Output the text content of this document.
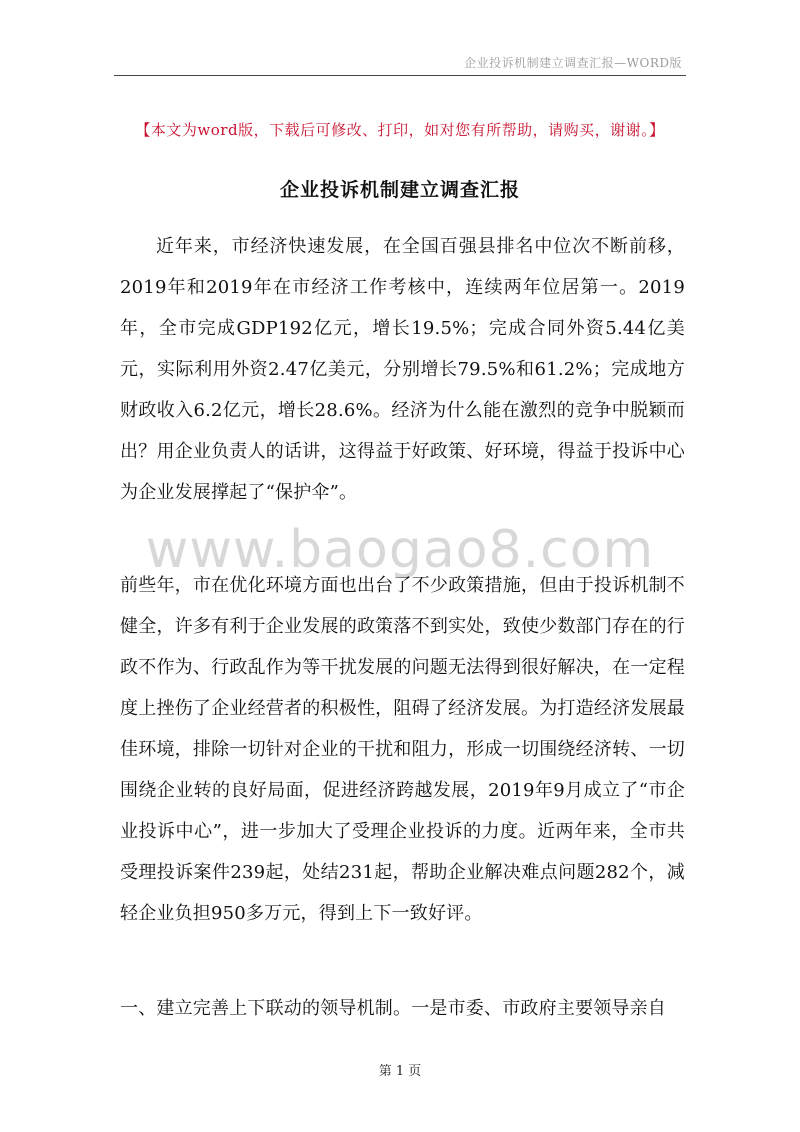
企业投诉机制建立调查汇报—WORD版
【本文为word版，下载后可修改、打印，如对您有所帮助，请购买，谢谢。】
企业投诉机制建立调查汇报
近年来，市经济快速发展，在全国百强县排名中位次不断前移，2019年和2019年在市经济工作考核中，连续两年位居第一。2019年，全市完成GDP192亿元，增长19.5%；完成合同外资5.44亿美元，实际利用外资2.47亿美元，分别增长79.5%和61.2%；完成地方财政收入6.2亿元，增长28.6%。经济为什么能在激烈的竞争中脱颖而出？用企业负责人的话讲，这得益于好政策、好环境，得益于投诉中心为企业发展撑起了“保护伞”。
www.baogao8.com
前些年，市在优化环境方面也出台了不少政策措施，但由于投诉机制不健全，许多有利于企业发展的政策落不到实处，致使少数部门存在的行政不作为、行政乱作为等干扰发展的问题无法得到很好解决，在一定程度上挫伤了企业经营者的积极性，阻碍了经济发展。为打造经济发展最佳环境，排除一切针对企业的干扰和阻力，形成一切围绕经济转、一切围绕企业转的良好局面，促进经济跨越发展，2019年9月成立了“市企业投诉中心”，进一步加大了受理企业投诉的力度。近两年来，全市共受理投诉案件239起，处结231起，帮助企业解决难点问题282个，减轻企业负担950多万元，得到上下一致好评。
一、建立完善上下联动的领导机制。一是市委、市政府主要领导亲自
第 1 页
